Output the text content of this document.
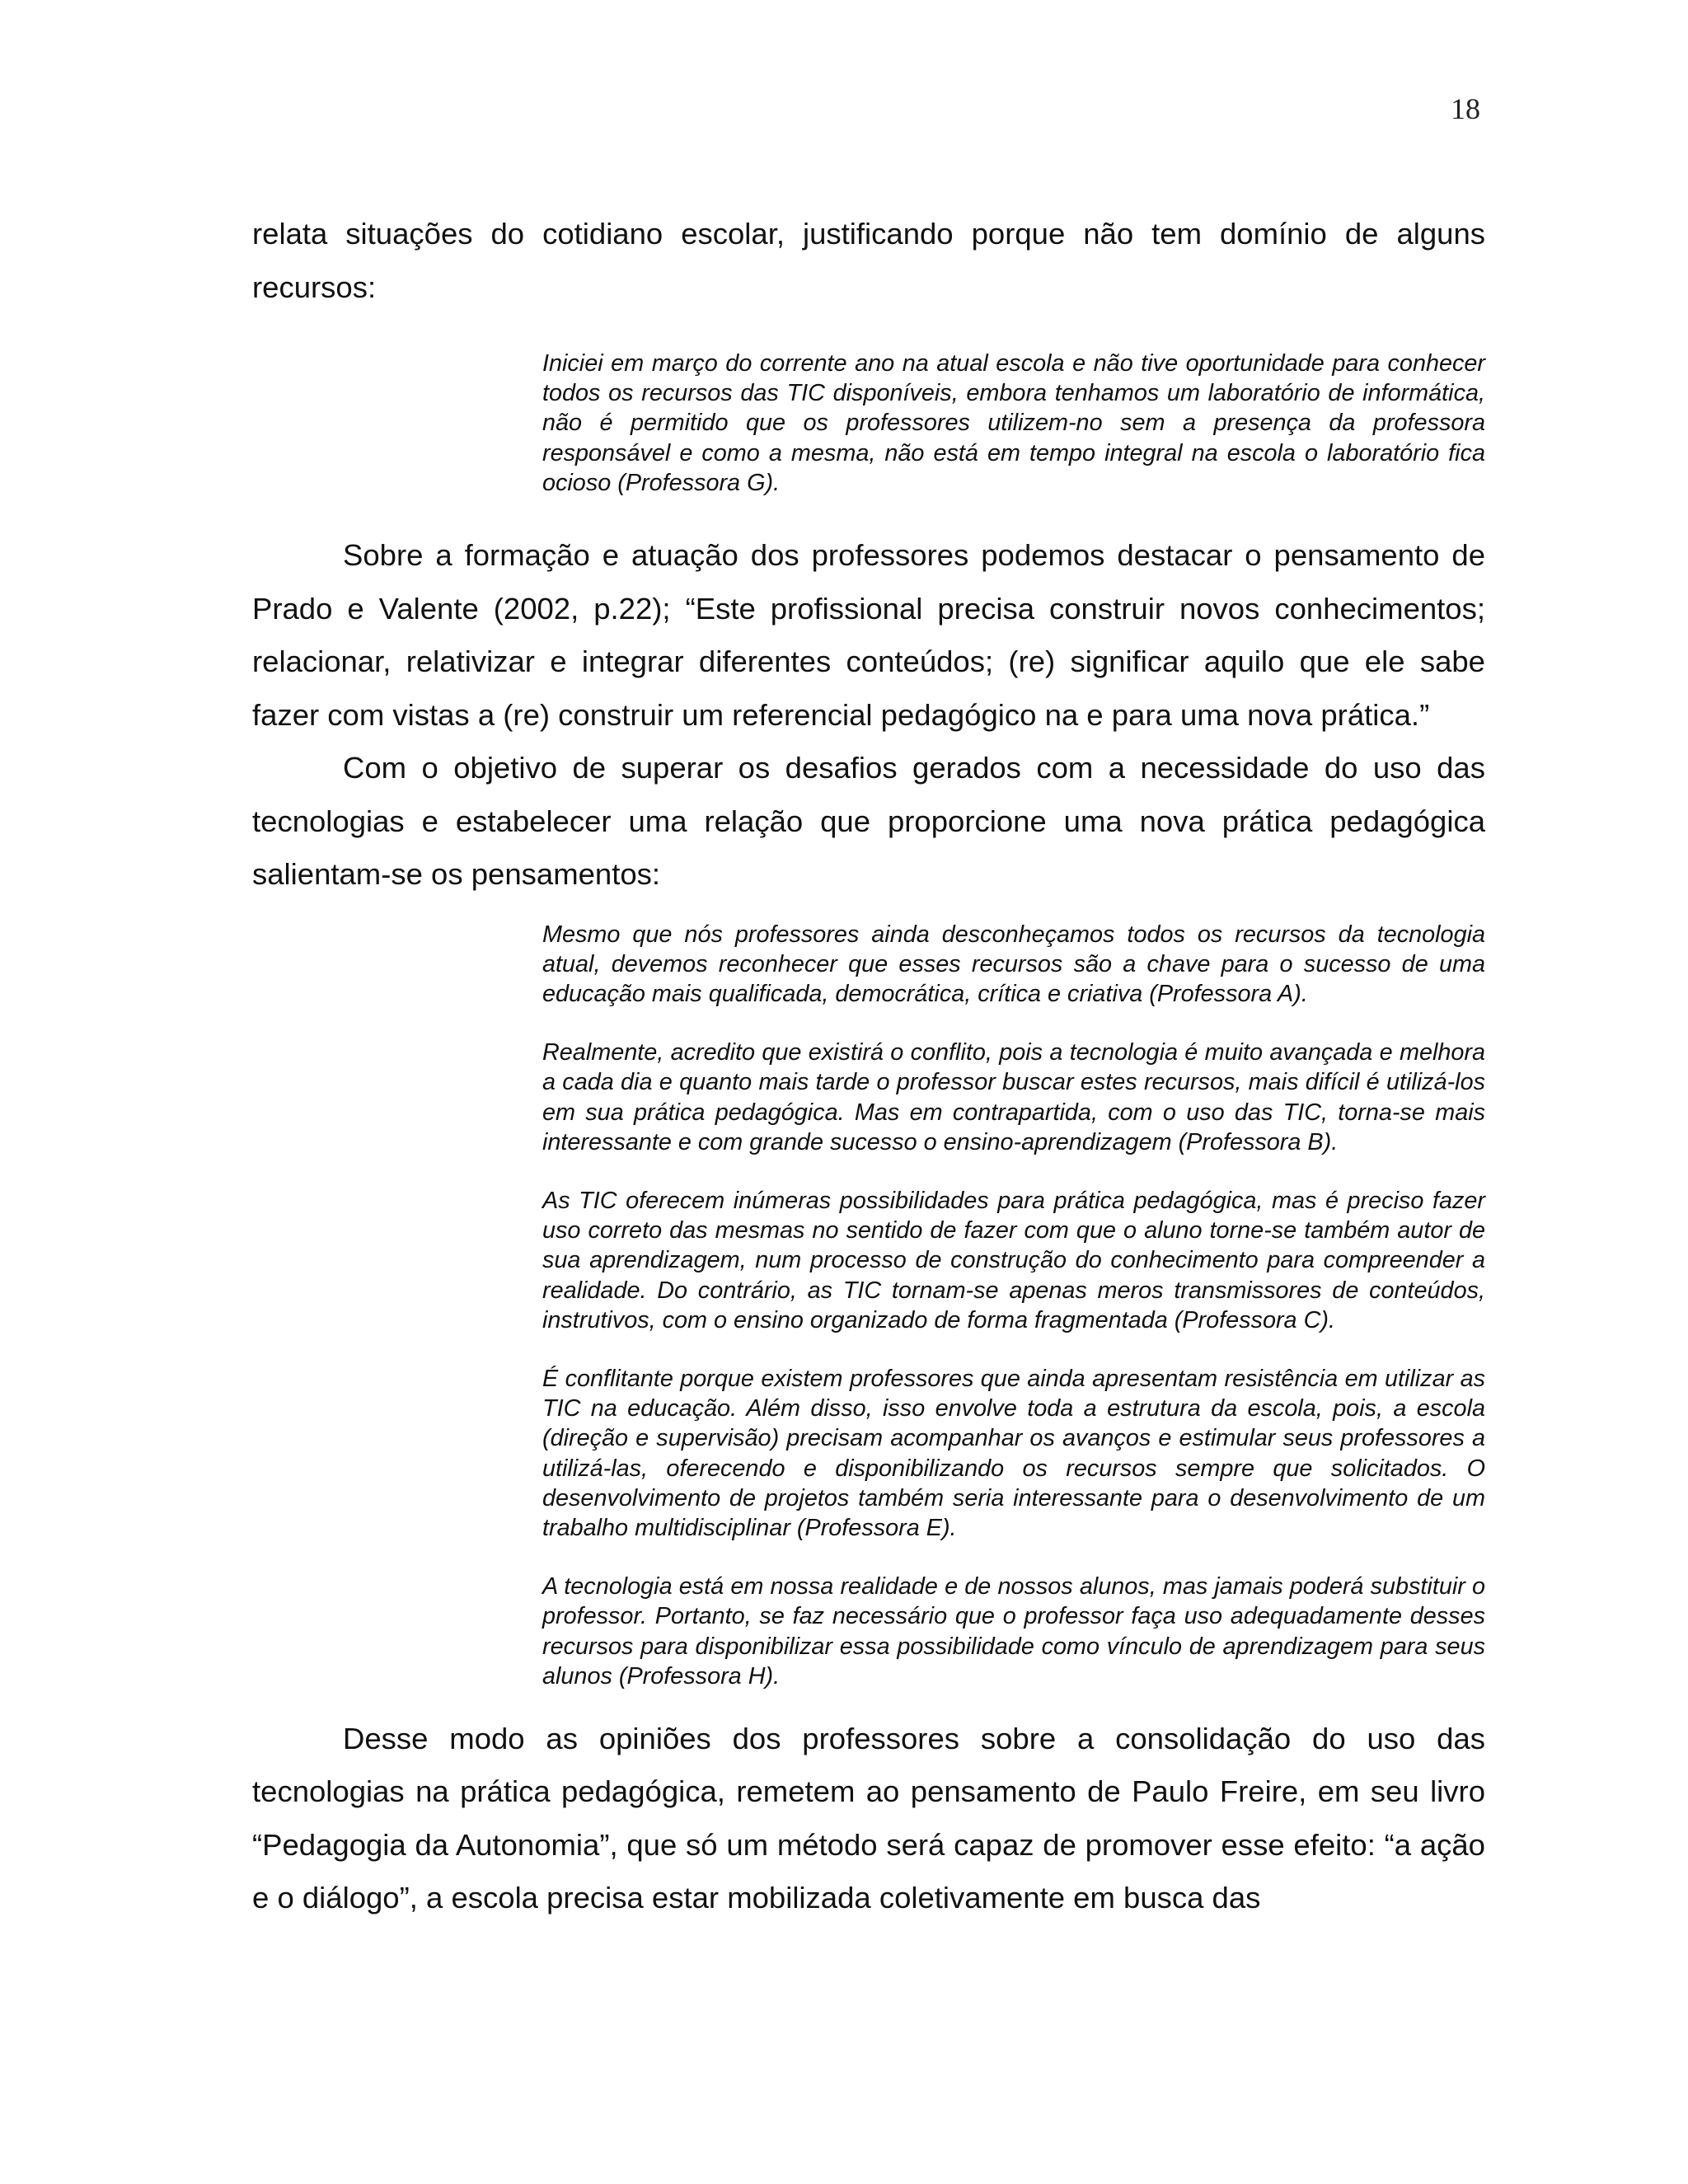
18

relata situações do cotidiano escolar, justificando porque não tem domínio de alguns recursos:

Iniciei em março do corrente ano na atual escola e não tive oportunidade para conhecer todos os recursos das TIC disponíveis, embora tenhamos um laboratório de informática, não é permitido que os professores utilizem-no sem a presença da professora responsável e como a mesma, não está em tempo integral na escola o laboratório fica ocioso (Professora G).

Sobre a formação e atuação dos professores podemos destacar o pensamento de Prado e Valente (2002, p.22); “Este profissional precisa construir novos conhecimentos; relacionar, relativizar e integrar diferentes conteúdos; (re) significar aquilo que ele sabe fazer com vistas a (re) construir um referencial pedagógico na e para uma nova prática.”

Com o objetivo de superar os desafios gerados com a necessidade do uso das tecnologias e estabelecer uma relação que proporcione uma nova prática pedagógica salientam-se os pensamentos:

Mesmo que nós professores ainda desconheçamos todos os recursos da tecnologia atual, devemos reconhecer que esses recursos são a chave para o sucesso de uma educação mais qualificada, democrática, crítica e criativa (Professora A).

Realmente, acredito que existirá o conflito, pois a tecnologia é muito avançada e melhora a cada dia e quanto mais tarde o professor buscar estes recursos, mais difícil é utilizá-los em sua prática pedagógica. Mas em contrapartida, com o uso das TIC, torna-se mais interessante e com grande sucesso o ensino-aprendizagem (Professora B).

As TIC oferecem inúmeras possibilidades para prática pedagógica, mas é preciso fazer uso correto das mesmas no sentido de fazer com que o aluno torne-se também autor de sua aprendizagem, num processo de construção do conhecimento para compreender a realidade. Do contrário, as TIC tornam-se apenas meros transmissores de conteúdos, instrutivos, com o ensino organizado de forma fragmentada (Professora C).

É conflitante porque existem professores que ainda apresentam resistência em utilizar as TIC na educação. Além disso, isso envolve toda a estrutura da escola, pois, a escola (direção e supervisão) precisam acompanhar os avanços e estimular seus professores a utilizá-las, oferecendo e disponibilizando os recursos sempre que solicitados. O desenvolvimento de projetos também seria interessante para o desenvolvimento de um trabalho multidisciplinar (Professora E).

A tecnologia está em nossa realidade e de nossos alunos, mas jamais poderá substituir o professor. Portanto, se faz necessário que o professor faça uso adequadamente desses recursos para disponibilizar essa possibilidade como vínculo de aprendizagem para seus alunos (Professora H).

Desse modo as opiniões dos professores sobre a consolidação do uso das tecnologias na prática pedagógica, remetem ao pensamento de Paulo Freire, em seu livro “Pedagogia da Autonomia”, que só um método será capaz de promover esse efeito: “a ação e o diálogo”, a escola precisa estar mobilizada coletivamente em busca das
